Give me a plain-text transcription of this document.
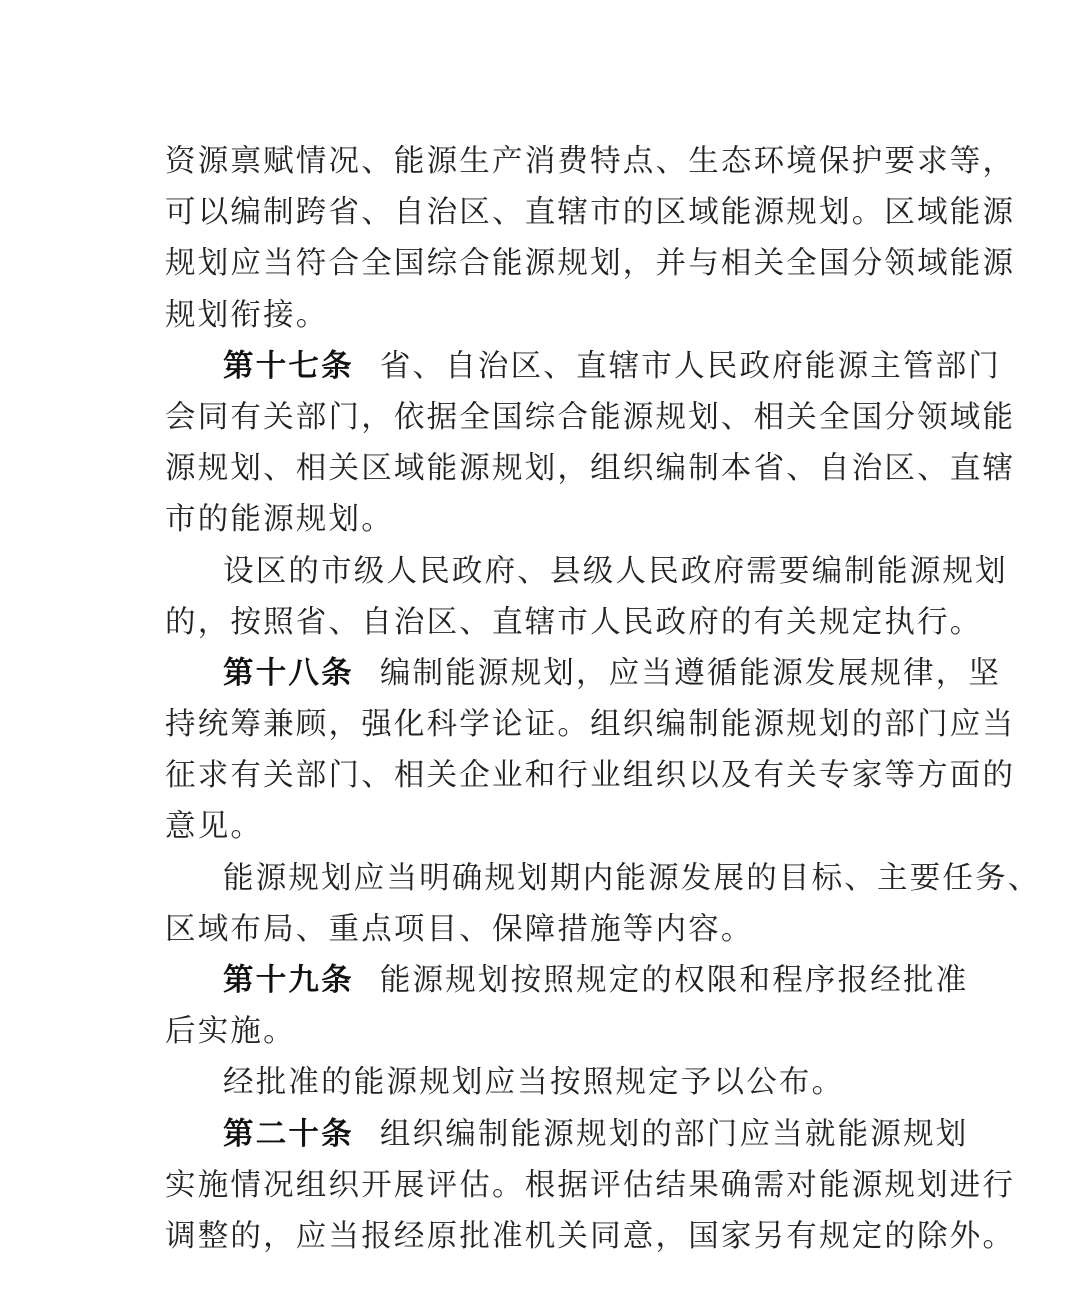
资源禀赋情况、能源生产消费特点、生态环境保护要求等，
可以编制跨省、自治区、直辖市的区域能源规划。区域能源
规划应当符合全国综合能源规划，并与相关全国分领域能源
规划衔接。
第十七条 省、自治区、直辖市人民政府能源主管部门
会同有关部门，依据全国综合能源规划、相关全国分领域能
源规划、相关区域能源规划，组织编制本省、自治区、直辖
市的能源规划。
设区的市级人民政府、县级人民政府需要编制能源规划
的，按照省、自治区、直辖市人民政府的有关规定执行。
第十八条 编制能源规划，应当遵循能源发展规律，坚
持统筹兼顾，强化科学论证。组织编制能源规划的部门应当
征求有关部门、相关企业和行业组织以及有关专家等方面的
意见。
能源规划应当明确规划期内能源发展的目标、主要任务、
区域布局、重点项目、保障措施等内容。
第十九条 能源规划按照规定的权限和程序报经批准
后实施。
经批准的能源规划应当按照规定予以公布。
第二十条 组织编制能源规划的部门应当就能源规划
实施情况组织开展评估。根据评估结果确需对能源规划进行
调整的，应当报经原批准机关同意，国家另有规定的除外。
